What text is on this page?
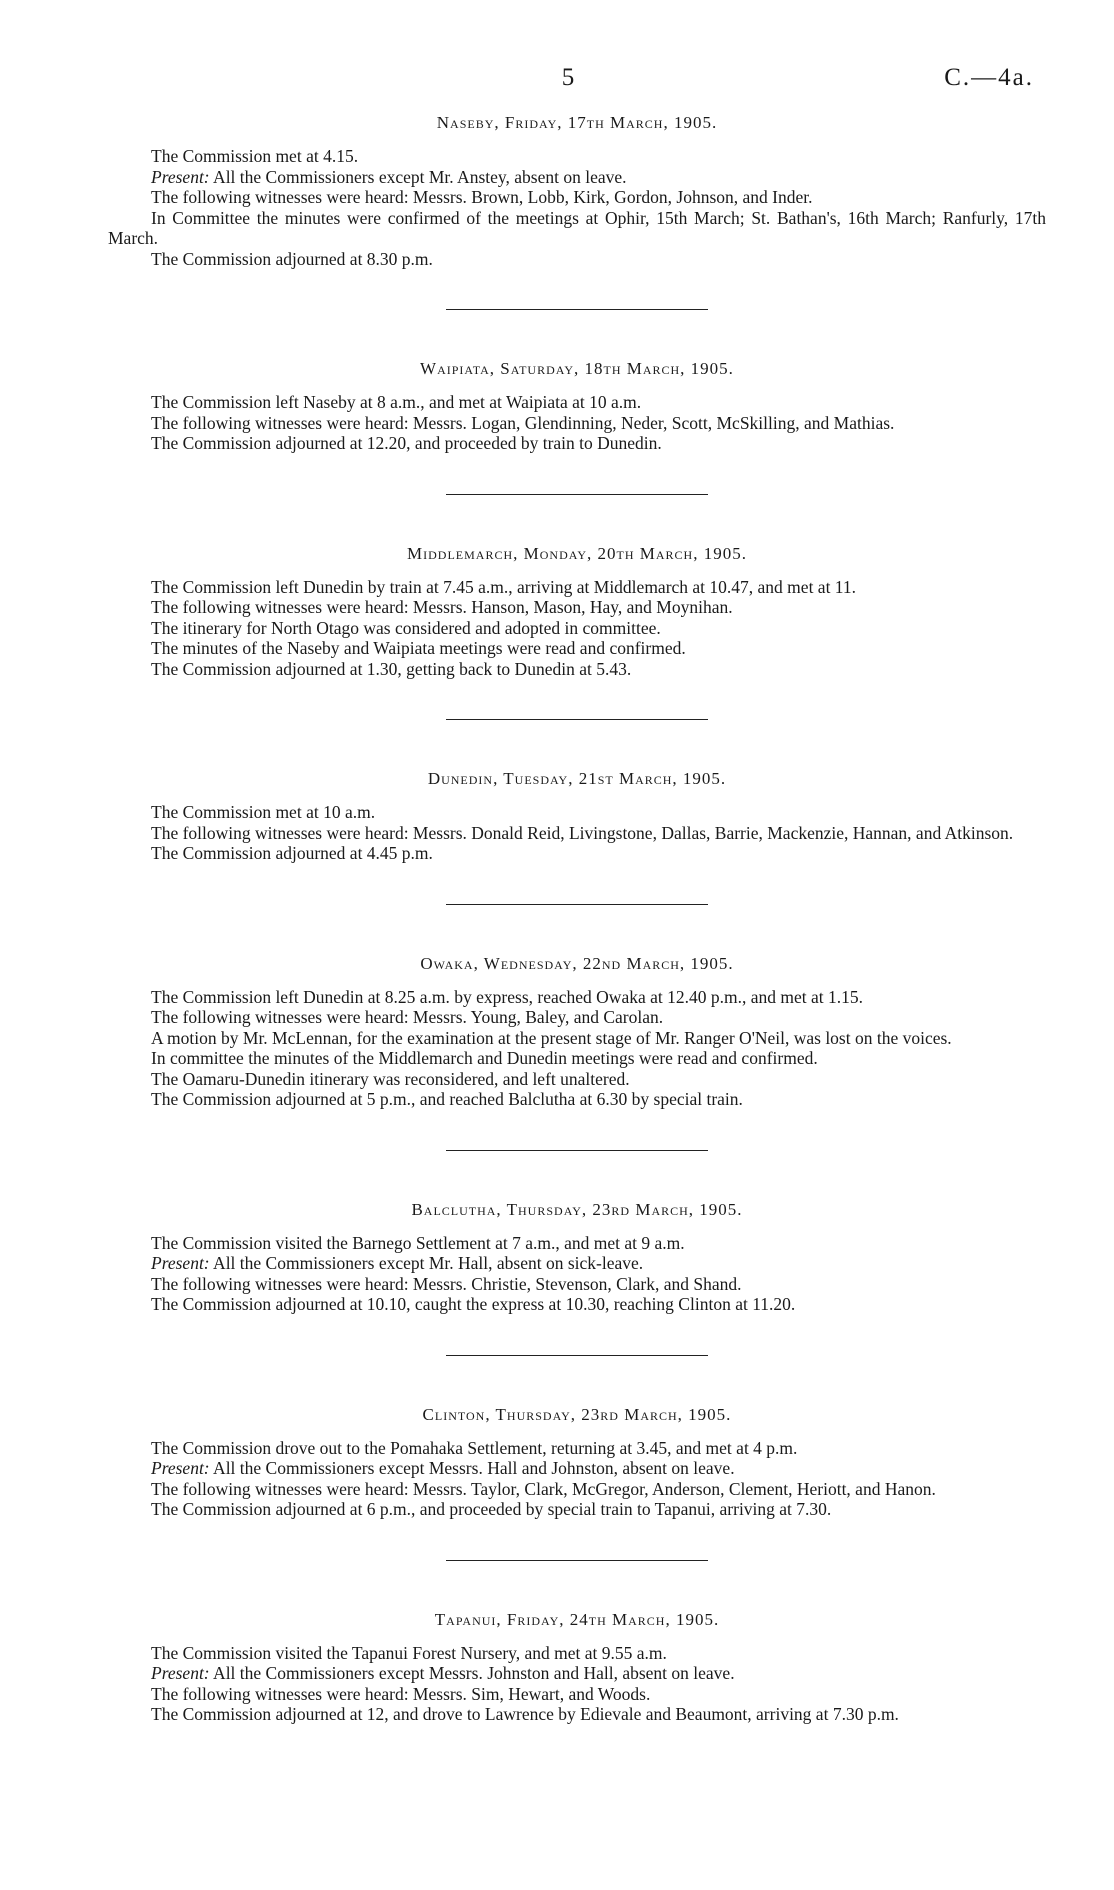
5	C.—4a.
Naseby, Friday, 17th March, 1905.

The Commission met at 4.15.

Present: All the Commissioners except Mr. Anstey, absent on leave.

The following witnesses were heard: Messrs. Brown, Lobb, Kirk, Gordon, Johnson, and Inder.

In Committee the minutes were confirmed of the meetings at Ophir, 15th March; St. Bathan's, 16th March; Ranfurly, 17th March.

The Commission adjourned at 8.30 p.m.

Waipiata, Saturday, 18th March, 1905.

The Commission left Naseby at 8 a.m., and met at Waipiata at 10 a.m.

The following witnesses were heard: Messrs. Logan, Glendinning, Neder, Scott, McSkilling, and Mathias.

The Commission adjourned at 12.20, and proceeded by train to Dunedin.

Middlemarch, Monday, 20th March, 1905.

The Commission left Dunedin by train at 7.45 a.m., arriving at Middlemarch at 10.47, and met at 11.

The following witnesses were heard: Messrs. Hanson, Mason, Hay, and Moynihan.

The itinerary for North Otago was considered and adopted in committee.

The minutes of the Naseby and Waipiata meetings were read and confirmed.

The Commission adjourned at 1.30, getting back to Dunedin at 5.43.

Dunedin, Tuesday, 21st March, 1905.

The Commission met at 10 a.m.

The following witnesses were heard: Messrs. Donald Reid, Livingstone, Dallas, Barrie, Mackenzie, Hannan, and Atkinson.

The Commission adjourned at 4.45 p.m.

Owaka, Wednesday, 22nd March, 1905.

The Commission left Dunedin at 8.25 a.m. by express, reached Owaka at 12.40 p.m., and met at 1.15.

The following witnesses were heard: Messrs. Young, Baley, and Carolan.

A motion by Mr. McLennan, for the examination at the present stage of Mr. Ranger O'Neil, was lost on the voices.

In committee the minutes of the Middlemarch and Dunedin meetings were read and confirmed.

The Oamaru-Dunedin itinerary was reconsidered, and left unaltered.

The Commission adjourned at 5 p.m., and reached Balclutha at 6.30 by special train.

Balclutha, Thursday, 23rd March, 1905.

The Commission visited the Barnego Settlement at 7 a.m., and met at 9 a.m.

Present: All the Commissioners except Mr. Hall, absent on sick-leave.

The following witnesses were heard: Messrs. Christie, Stevenson, Clark, and Shand.

The Commission adjourned at 10.10, caught the express at 10.30, reaching Clinton at 11.20.

Clinton, Thursday, 23rd March, 1905.

The Commission drove out to the Pomahaka Settlement, returning at 3.45, and met at 4 p.m.

Present: All the Commissioners except Messrs. Hall and Johnston, absent on leave.

The following witnesses were heard: Messrs. Taylor, Clark, McGregor, Anderson, Clement, Heriott, and Hanon.

The Commission adjourned at 6 p.m., and proceeded by special train to Tapanui, arriving at 7.30.

Tapanui, Friday, 24th March, 1905.

The Commission visited the Tapanui Forest Nursery, and met at 9.55 a.m.

Present: All the Commissioners except Messrs. Johnston and Hall, absent on leave.

The following witnesses were heard: Messrs. Sim, Hewart, and Woods.

The Commission adjourned at 12, and drove to Lawrence by Edievale and Beaumont, arriving at 7.30 p.m.
